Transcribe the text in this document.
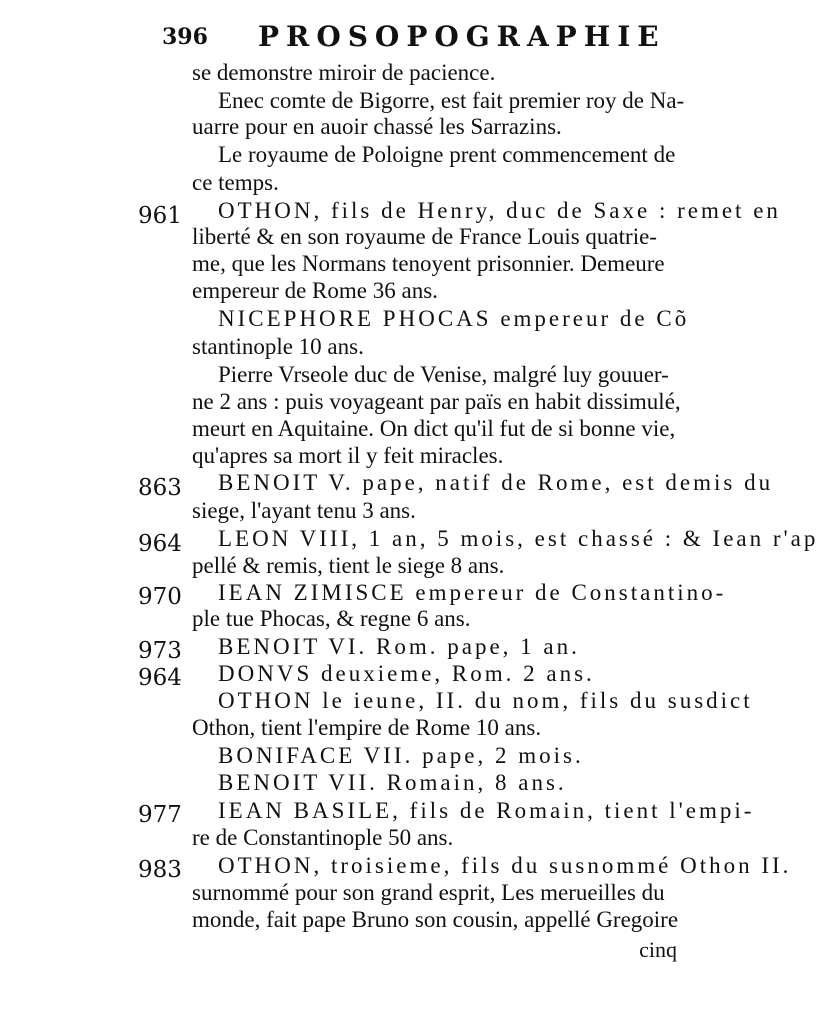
396 PROSOPOGRAPHIE
961
863
964
970
973
964
977
983
se demonstre miroir de pacience.
Enec comte de Bigorre, est fait premier roy de Na-
uarre pour en auoir chassé les Sarrazins.
Le royaume de Poloigne prent commencement de
ce temps.
OTHON, fils de Henry, duc de Saxe : remet en
liberté & en son royaume de France Louis quatrie-
me, que les Normans tenoyent prisonnier. Demeure
empereur de Rome 36 ans.
NICEPHORE PHOCAS empereur de Cõ
stantinople 10 ans.
Pierre Vrseole duc de Venise, malgré luy gouuer-
ne 2 ans : puis voyageant par païs en habit dissimulé,
meurt en Aquitaine. On dict qu'il fut de si bonne vie,
qu'apres sa mort il y feit miracles.
BENOIT V. pape, natif de Rome, est demis du
siege, l'ayant tenu 3 ans.
LEON VIII, 1 an, 5 mois, est chassé : & Iean r'ap
pellé & remis, tient le siege 8 ans.
IEAN ZIMISCE empereur de Constantino-
ple tue Phocas, & regne 6 ans.
BENOIT VI. Rom. pape, 1 an.
DONVS deuxieme, Rom. 2 ans.
OTHON le ieune, II. du nom, fils du susdict
Othon, tient l'empire de Rome 10 ans.
BONIFACE VII. pape, 2 mois.
BENOIT VII. Romain, 8 ans.
IEAN BASILE, fils de Romain, tient l'empi-
re de Constantinople 50 ans.
OTHON, troisieme, fils du susnommé Othon II.
surnommé pour son grand esprit, Les merueilles du
monde, fait pape Bruno son cousin, appellé Gregoire
cinq
